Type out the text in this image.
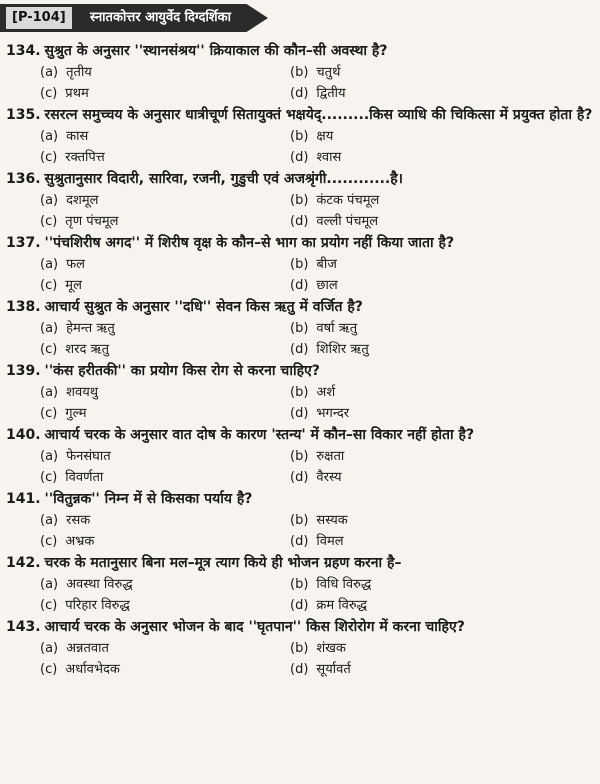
[P-104]	स्नातकोत्तर आयुर्वेद दिग्दर्शिका

134. सुश्रुत के अनुसार ''स्थानसंश्रय'' क्रियाकाल की कौन–सी अवस्था है?

(a) तृतीय	(b) चतुर्थ
(c) प्रथम	(d) द्वितीय

135. रसरत्न समुच्चय के अनुसार धात्रीचूर्ण सितायुक्तं भक्षयेद्.........किस व्याधि की चिकित्सा में प्रयुक्त होता है?

(a) कास	(b) क्षय
(c) रक्तपित्त	(d) श्वास

136. सुश्रुतानुसार विदारी, सारिवा, रजनी, गुडुची एवं अजश्रृंगी............है।

(a) दशमूल	(b) कंटक पंचमूल
(c) तृण पंचमूल	(d) वल्ली पंचमूल

137. ''पंचशिरीष अगद'' में शिरीष वृक्ष के कौन–से भाग का प्रयोग नहीं किया जाता है?

(a) फल	(b) बीज
(c) मूल	(d) छाल

138. आचार्य सुश्रुत के अनुसार ''दधि'' सेवन किस ऋतु में वर्जित है?

(a) हेमन्त ऋतु	(b) वर्षा ऋतु
(c) शरद ऋतु	(d) शिशिर ऋतु

139. ''कंस हरीतकी'' का प्रयोग किस रोग से करना चाहिए?

(a) शवयथु	(b) अर्श
(c) गुल्म	(d) भगन्दर

140. आचार्य चरक के अनुसार वात दोष के कारण 'स्तन्य' में कौन–सा विकार नहीं होता है?

(a) फेनसंघात	(b) रुक्षता
(c) विवर्णता	(d) वैरस्य

141. ''वितुन्नक'' निम्न में से किसका पर्याय है?

(a) रसक	(b) सस्यक
(c) अभ्रक	(d) विमल

142. चरक के मतानुसार बिना मल–मूत्र त्याग किये ही भोजन ग्रहण करना है–

(a) अवस्था विरुद्ध	(b) विधि विरुद्ध
(c) परिहार विरुद्ध	(d) क्रम विरुद्ध

143. आचार्य चरक के अनुसार भोजन के बाद ''घृतपान'' किस शिरोरोग में करना चाहिए?

(a) अन्नतवात	(b) शंखक
(c) अर्धावभेदक	(d) सूर्यावर्त
